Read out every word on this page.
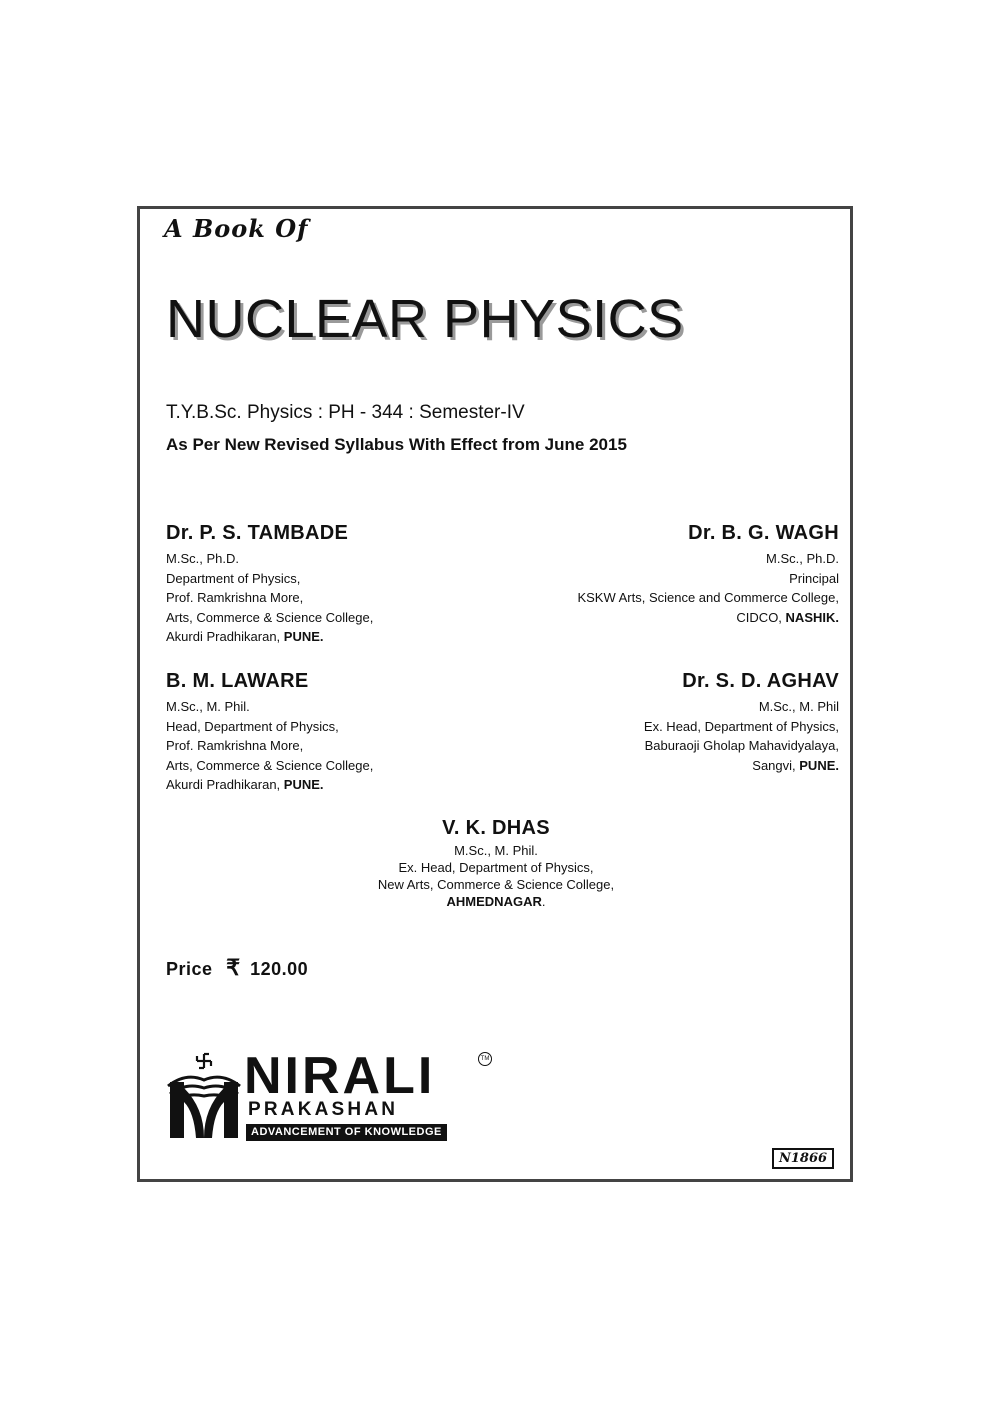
A Book Of
NUCLEAR PHYSICS
T.Y.B.Sc. Physics : PH - 344 : Semester-IV
As Per New Revised Syllabus With Effect from June 2015
Dr. P. S. TAMBADE
M.Sc., Ph.D.
Department of Physics,
Prof. Ramkrishna More,
Arts, Commerce & Science College,
Akurdi Pradhikaran, PUNE.
Dr. B. G. WAGH
M.Sc., Ph.D.
Principal
KSKW Arts, Science and Commerce College,
CIDCO, NASHIK.
B. M. LAWARE
M.Sc., M. Phil.
Head, Department of Physics,
Prof. Ramkrishna More,
Arts, Commerce & Science College,
Akurdi Pradhikaran, PUNE.
Dr. S. D. AGHAV
M.Sc., M. Phil
Ex. Head, Department of Physics,
Baburaoji Gholap Mahavidyalaya,
Sangvi, PUNE.
V. K. DHAS
M.Sc., M. Phil.
Ex. Head, Department of Physics,
New Arts, Commerce & Science College,
AHMEDNAGAR.
Price ₹ 120.00
NIRALI
PRAKASHAN
ADVANCEMENT OF KNOWLEDGE
TM
N1866
